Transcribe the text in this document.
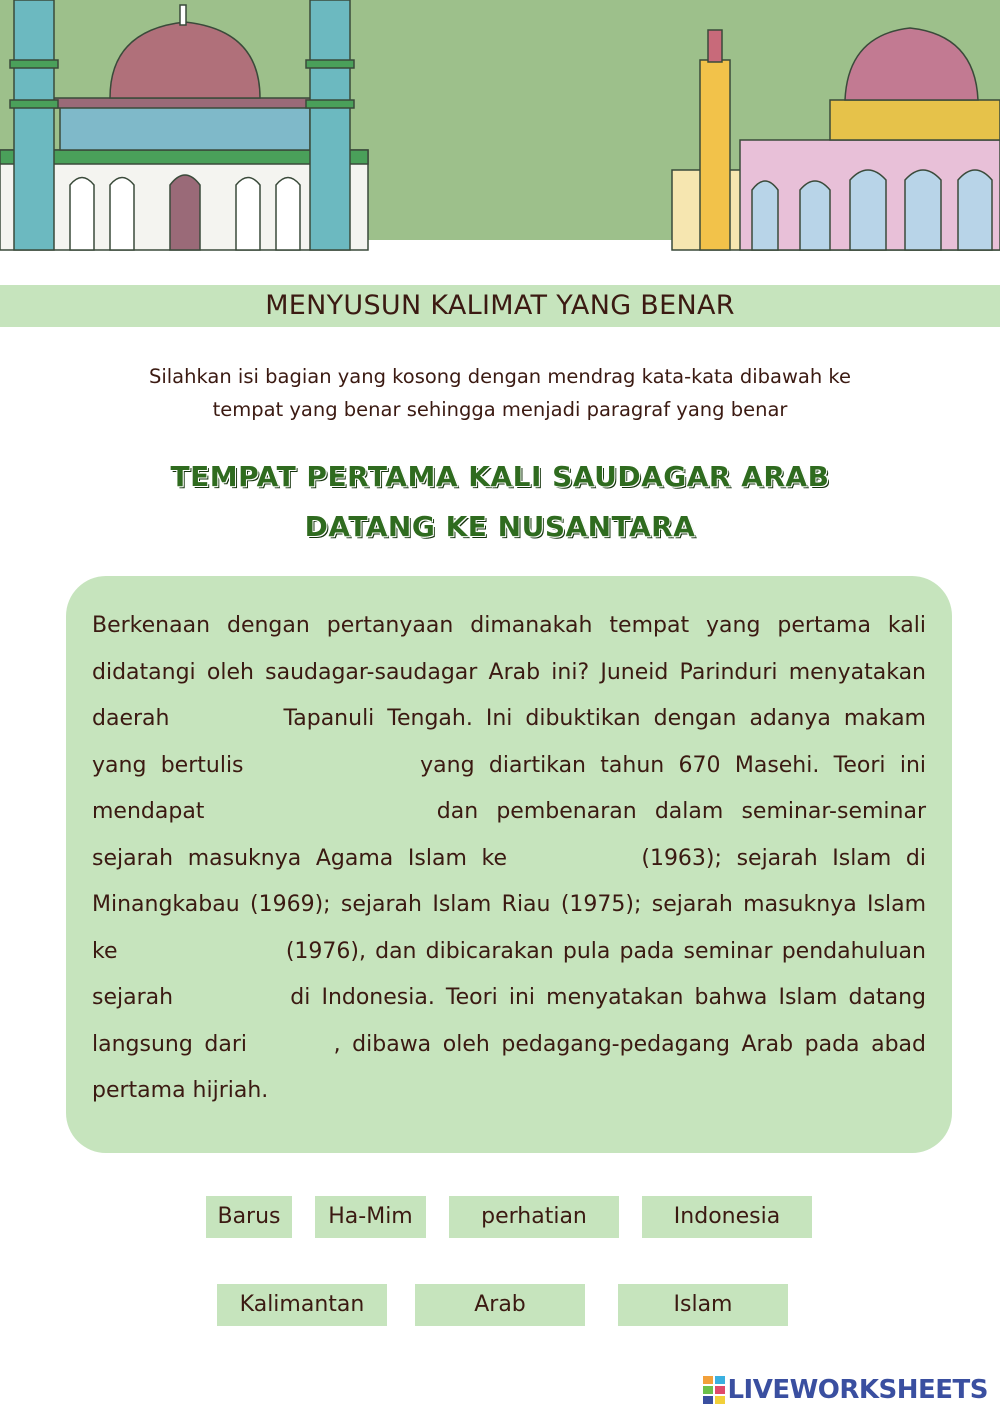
MENYUSUN KALIMAT YANG BENAR
Silahkan isi bagian yang kosong dengan mendrag kata-kata dibawah ke
tempat yang benar sehingga menjadi paragraf yang benar
TEMPAT PERTAMA KALI SAUDAGAR ARAB
DATANG KE NUSANTARA
Berkenaan dengan pertanyaan dimanakah tempat yang pertama kali didatangi oleh saudagar-saudagar Arab ini? Juneid Parinduri menyatakan daerah	Tapanuli Tengah. Ini dibuktikan dengan adanya makam yang bertulis	yang diartikan tahun 670 Masehi. Teori ini mendapat	dan pembenaran dalam seminar-seminar sejarah masuknya Agama Islam ke	(1963); sejarah Islam di Minangkabau (1969); sejarah Islam Riau (1975); sejarah masuknya Islam ke	(1976), dan dibicarakan pula pada seminar pendahuluan sejarah	di Indonesia. Teori ini menyatakan bahwa Islam datang langsung dari	, dibawa oleh pedagang-pedagang Arab pada abad pertama hijriah.
Barus	Ha-Mim	perhatian	Indonesia
Kalimantan	Arab	Islam
LIVEWORKSHEETS
